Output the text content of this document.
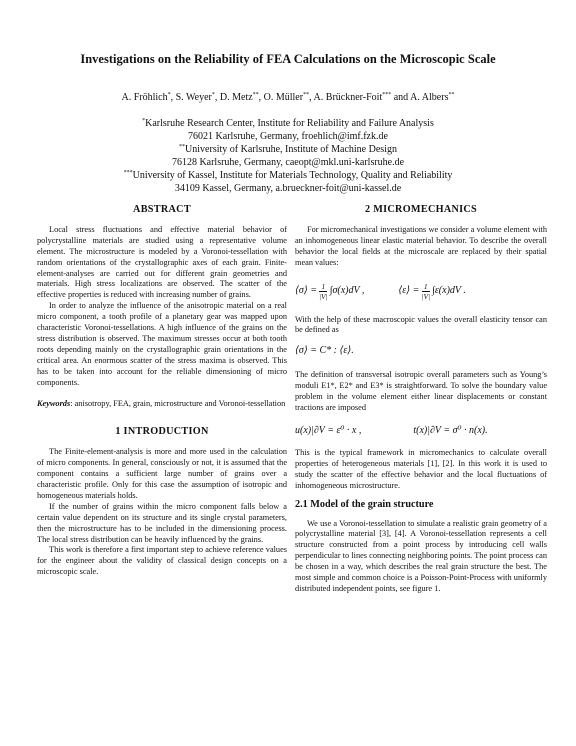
Investigations on the Reliability of FEA Calculations on the Microscopic Scale
A. Fröhlich*, S. Weyer*, D. Metz**, O. Müller**, A. Brückner-Foit*** and A. Albers**
*Karlsruhe Research Center, Institute for Reliability and Failure Analysis
76021 Karlsruhe, Germany, froehlich@imf.fzk.de
**University of Karlsruhe, Institute of Machine Design
76128 Karlsruhe, Germany, caeopt@mkl.uni-karlsruhe.de
***University of Kassel, Institute for Materials Technology, Quality and Reliability
34109 Kassel, Germany, a.brueckner-foit@uni-kassel.de
ABSTRACT

Local stress fluctuations and effective material behavior of polycrystalline materials are studied using a representative volume element. The microstructure is modeled by a Voronoi-tessellation with random orientations of the crystallographic axes of each grain. Finite-element-analyses are carried out for different grain geometries and materials. High stress localizations are observed. The scatter of the effective properties is reduced with increasing number of grains.

In order to analyze the influence of the anisotropic material on a real micro component, a tooth profile of a planetary gear was mapped upon characteristic Voronoi-tessellations. A high influence of the grains on the stress distribution is observed. The maximum stresses occur at both tooth roots depending mainly on the crystallographic grain orientations in the critical area. An enormous scatter of the stress maxima is observed. This has to be taken into account for the reliable dimensioning of micro components.

Keywords: anisotropy, FEA, grain, microstructure and Voronoi-tessellation

1 INTRODUCTION

The Finite-element-analysis is more and more used in the calculation of micro components. In general, consciously or not, it is assumed that the component contains a sufficient large number of grains over a characteristic profile. Only for this case the assumption of isotropic and homogeneous materials holds.

If the number of grains within the micro component falls below a certain value dependent on its structure and its single crystal parameters, then the microstructure has to be included in the dimensioning process. The local stress distribution can be heavily influenced by the grains.

This work is therefore a first important step to achieve reference values for the engineer about the validity of classical design concepts on a microscopic scale.

2 MICROMECHANICS

For micromechanical investigations we consider a volume element with an inhomogeneous linear elastic material behavior. To describe the overall behavior the local fields at the microscale are replaced by their spatial mean values:

⟨σ⟩ = $\frac{1}{|V|} \int\sigma(x)dV$ ,	⟨ε⟩ = $\frac{1}{|V|} \int\varepsilon(x)dV$ .

With the help of these macroscopic values the overall elasticity tensor can be defined as

⟨σ⟩ = C* : ⟨ε⟩.

The definition of transversal isotropic overall parameters such as Young’s moduli E1*, E2* and E3* is straightforward. To solve the boundary value problem in the volume element either linear displacements or constant tractions are imposed

u(x)|∂V = ε⁰ · x ,	t(x)|∂V = σ⁰ · n(x).

This is the typical framework in micromechanics to calculate overall properties of heterogeneous materials [1], [2]. In this work it is used to study the scatter of the effective behavior and the local fluctuations of inhomogeneous microstructure.

2.1 Model of the grain structure

We use a Voronoi-tessellation to simulate a realistic grain geometry of a polycrystalline material [3], [4]. A Voronoi-tessellation represents a cell structure constructed from a point process by introducing cell walls perpendicular to lines connecting neighboring points. The point process can be chosen in a way, which describes the real grain structure the best. The most simple and common choice is a Poisson-Point-Process with uniformly distributed independent points, see figure 1.
